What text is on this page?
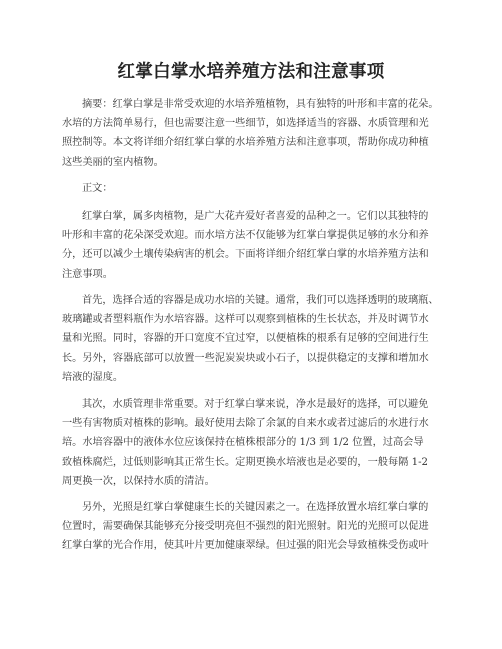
红掌白掌水培养殖方法和注意事项
摘要：红掌白掌是非常受欢迎的水培养殖植物，具有独特的叶形和丰富的花朵。
水培的方法简单易行，但也需要注意一些细节，如选择适当的容器、水质管理和光
照控制等。本文将详细介绍红掌白掌的水培养殖方法和注意事项，帮助你成功种植
这些美丽的室内植物。
正文：
红掌白掌，属多肉植物，是广大花卉爱好者喜爱的品种之一。它们以其独特的
叶形和丰富的花朵深受欢迎。而水培方法不仅能够为红掌白掌提供足够的水分和养
分，还可以减少土壤传染病害的机会。下面将详细介绍红掌白掌的水培养殖方法和
注意事项。
首先，选择合适的容器是成功水培的关键。通常，我们可以选择透明的玻璃瓶、
玻璃罐或者塑料瓶作为水培容器。这样可以观察到植株的生长状态，并及时调节水
量和光照。同时，容器的开口宽度不宜过窄，以便植株的根系有足够的空间进行生
长。另外，容器底部可以放置一些泥炭炭块或小石子，以提供稳定的支撑和增加水
培液的湿度。
其次，水质管理非常重要。对于红掌白掌来说，净水是最好的选择，可以避免
一些有害物质对植株的影响。最好使用去除了余氯的自来水或者过滤后的水进行水
培。水培容器中的液体水位应该保持在植株根部分的 1/3 到 1/2 位置，过高会导
致植株腐烂，过低则影响其正常生长。定期更换水培液也是必要的，一般每隔 1-2
周更换一次，以保持水质的清洁。
另外，光照是红掌白掌健康生长的关键因素之一。在选择放置水培红掌白掌的
位置时，需要确保其能够充分接受明亮但不强烈的阳光照射。阳光的光照可以促进
红掌白掌的光合作用，使其叶片更加健康翠绿。但过强的阳光会导致植株受伤或叶
